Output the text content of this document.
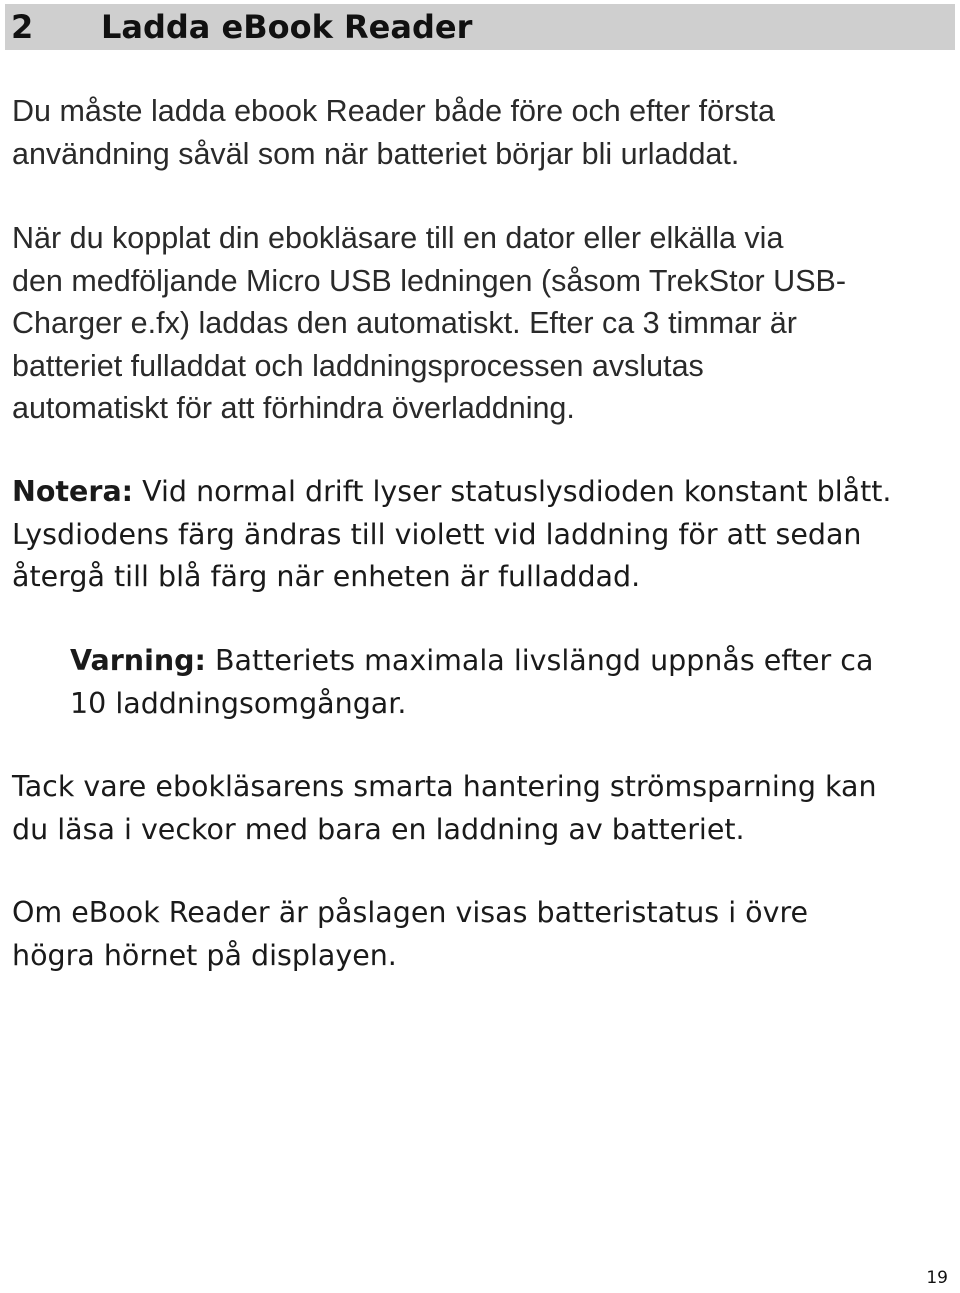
2 Ladda eBook Reader

Du måste ladda ebook Reader både före och efter första
användning såväl som när batteriet börjar bli urladdat.

När du kopplat din ebokläsare till en dator eller elkälla via
den medföljande Micro USB ledningen (såsom TrekStor USB-
Charger e.fx) laddas den automatiskt. Efter ca 3 timmar är
batteriet fulladdat och laddningsprocessen avslutas
automatiskt för att förhindra överladdning.

Notera: Vid normal drift lyser statuslysdioden konstant blått.
Lysdiodens färg ändras till violett vid laddning för att sedan
återgå till blå färg när enheten är fulladdad.

Varning: Batteriets maximala livslängd uppnås efter ca
10 laddningsomgångar.

Tack vare ebokläsarens smarta hantering strömsparning kan
du läsa i veckor med bara en laddning av batteriet.

Om eBook Reader är påslagen visas batteristatus i övre
högra hörnet på displayen.

19
